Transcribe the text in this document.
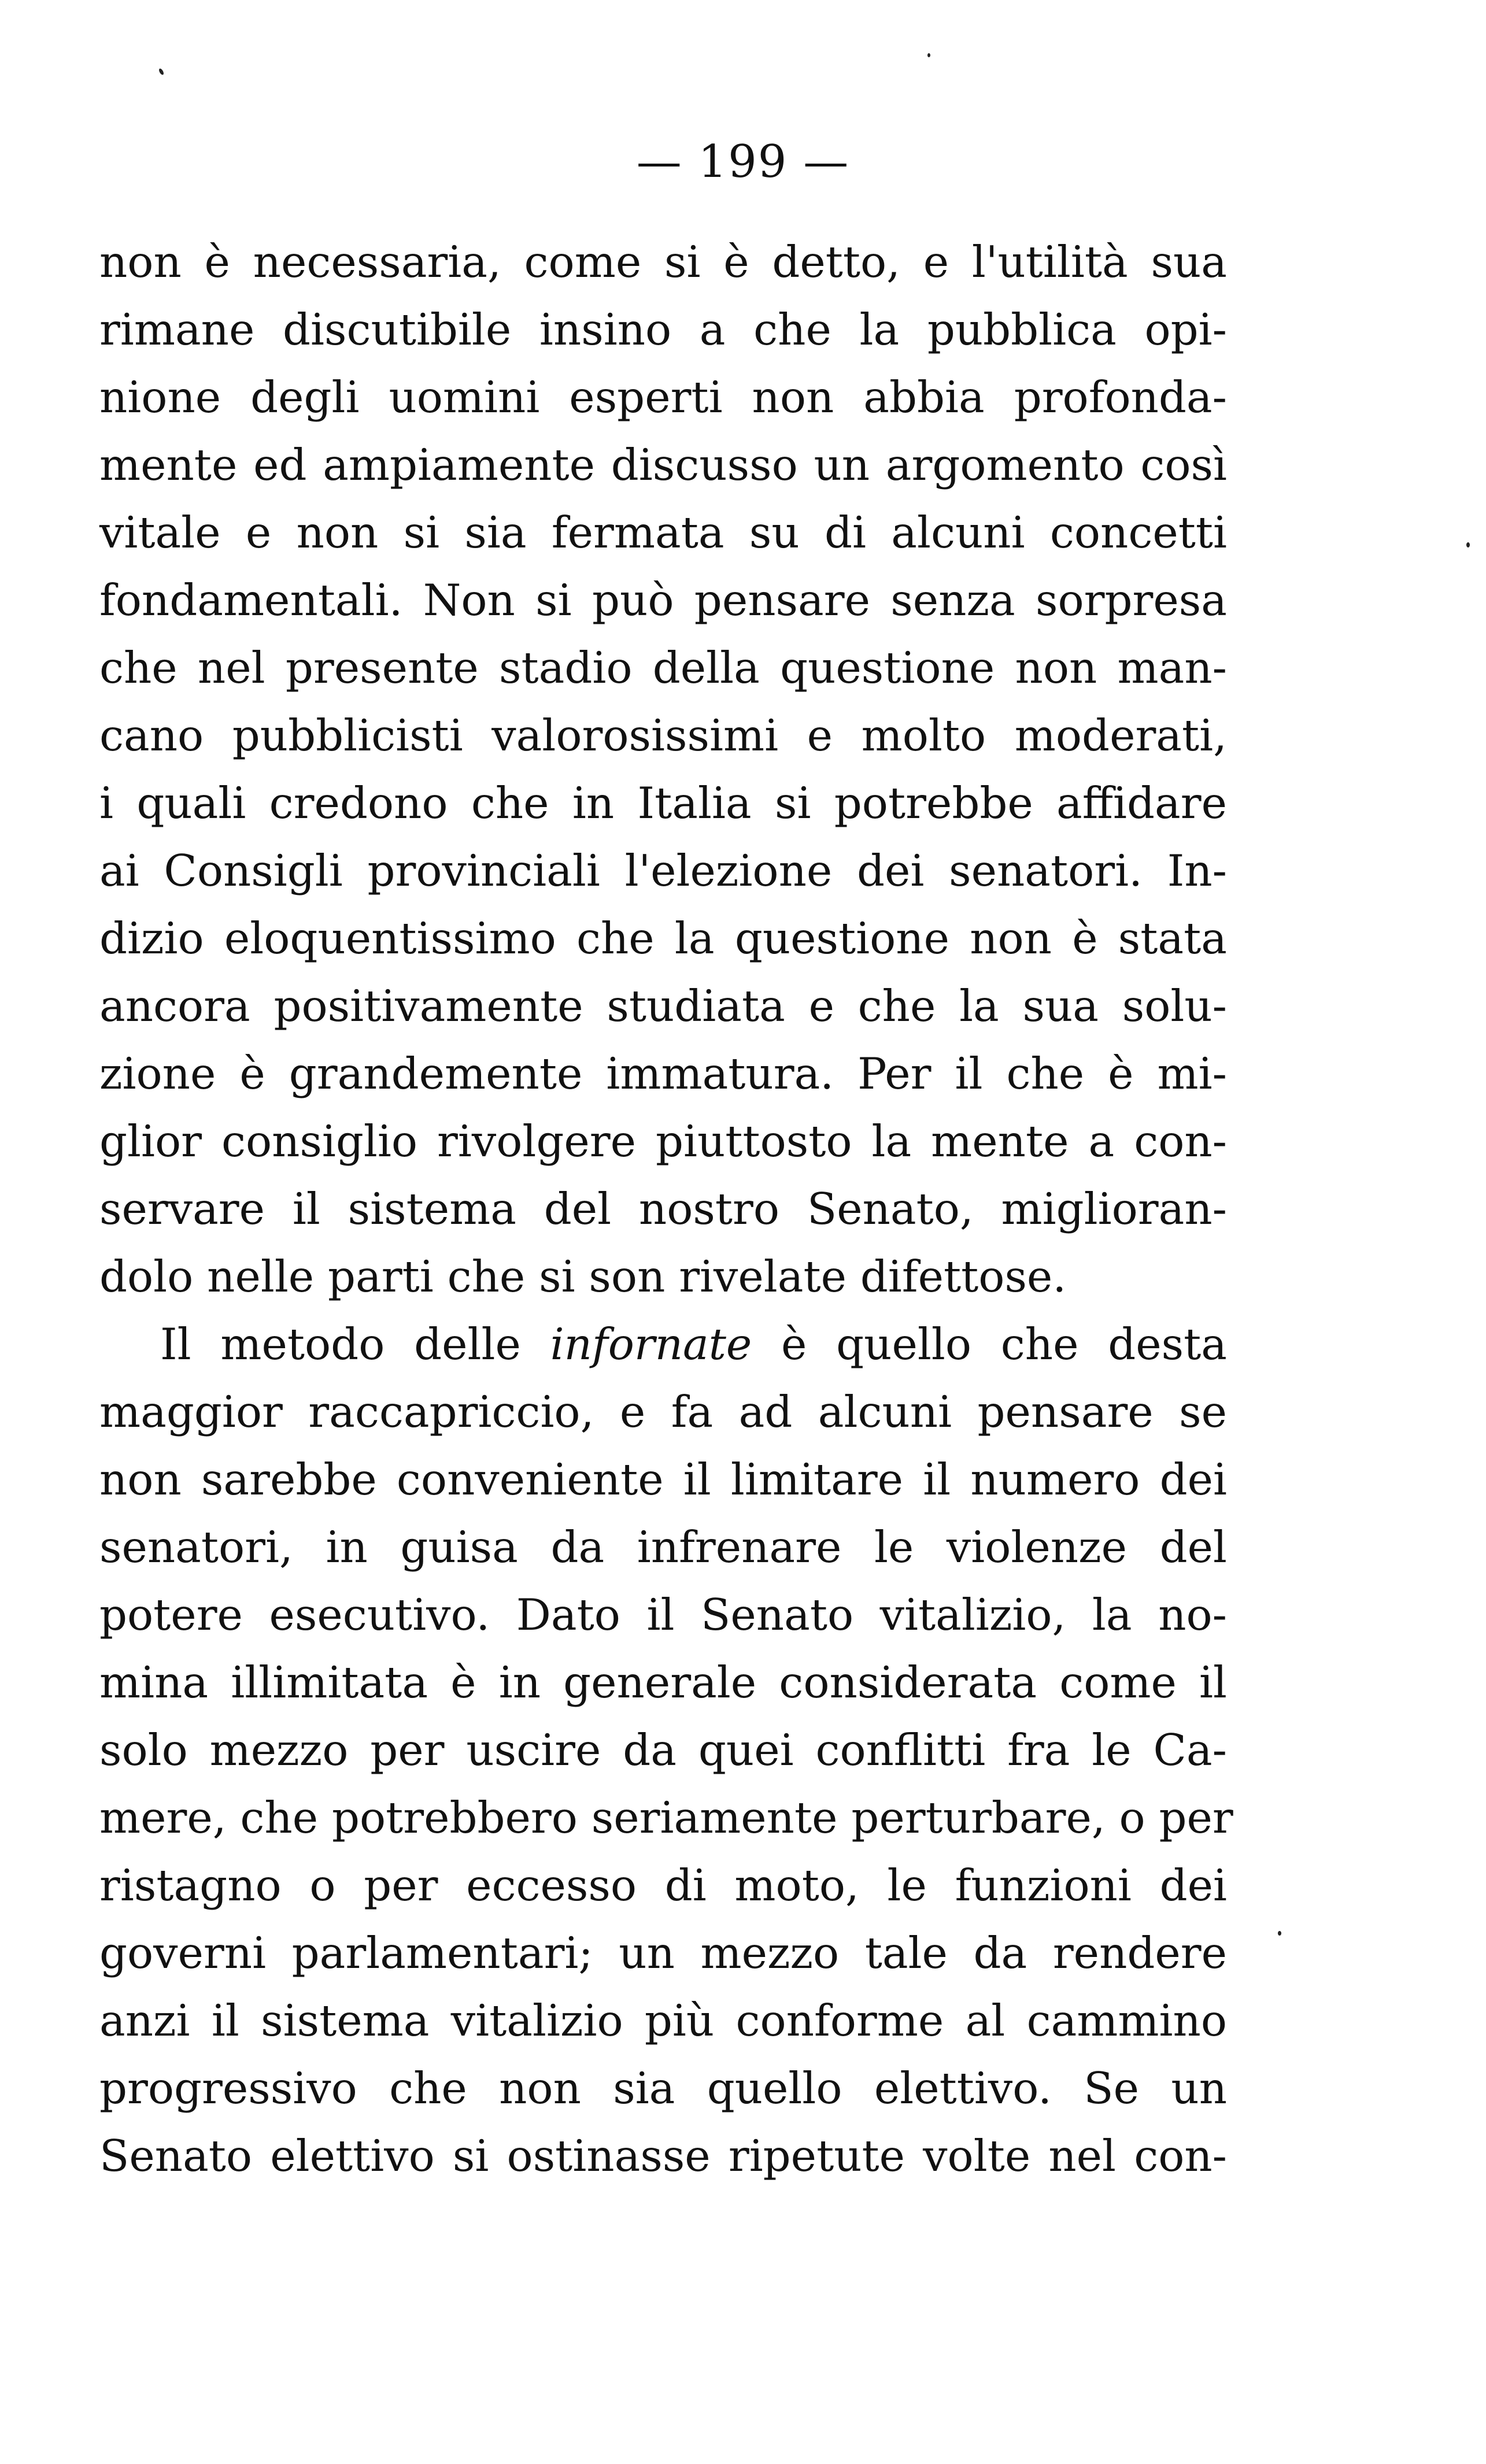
— 199 —
non è necessaria, come si è detto, e l'utilità sua
rimane discutibile insino a che la pubblica opi-
nione degli uomini esperti non abbia profonda-
mente ed ampiamente discusso un argomento così
vitale e non si sia fermata su di alcuni concetti
fondamentali. Non si può pensare senza sorpresa
che nel presente stadio della questione non man-
cano pubblicisti valorosissimi e molto moderati,
i quali credono che in Italia si potrebbe affidare
ai Consigli provinciali l'elezione dei senatori. In-
dizio eloquentissimo che la questione non è stata
ancora positivamente studiata e che la sua solu-
zione è grandemente immatura. Per il che è mi-
glior consiglio rivolgere piuttosto la mente a con-
servare il sistema del nostro Senato, miglioran-
dolo nelle parti che si son rivelate difettose.
Il metodo delle infornate è quello che desta
maggior raccapriccio, e fa ad alcuni pensare se
non sarebbe conveniente il limitare il numero dei
senatori, in guisa da infrenare le violenze del
potere esecutivo. Dato il Senato vitalizio, la no-
mina illimitata è in generale considerata come il
solo mezzo per uscire da quei conflitti fra le Ca-
mere, che potrebbero seriamente perturbare, o per
ristagno o per eccesso di moto, le funzioni dei
governi parlamentari; un mezzo tale da rendere
anzi il sistema vitalizio più conforme al cammino
progressivo che non sia quello elettivo. Se un
Senato elettivo si ostinasse ripetute volte nel con-
